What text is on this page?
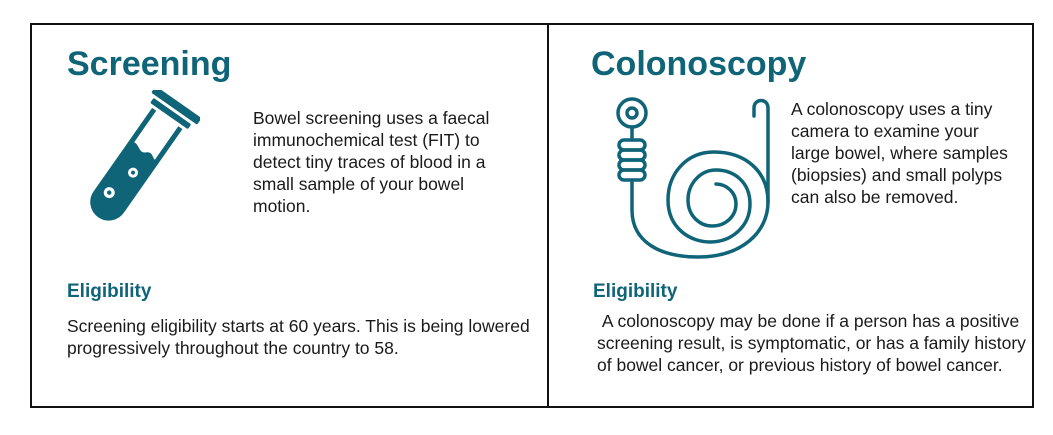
Screening

Bowel screening uses a faecal immunochemical test (FIT) to detect tiny traces of blood in a small sample of your bowel motion.

Eligibility

Screening eligibility starts at 60 years. This is being lowered progressively throughout the country to 58.

Colonoscopy

A colonoscopy uses a tiny camera to examine your large bowel, where samples (biopsies) and small polyps can also be removed.

Eligibility

A colonoscopy may be done if a person has a positive screening result, is symptomatic, or has a family history of bowel cancer, or previous history of bowel cancer.
